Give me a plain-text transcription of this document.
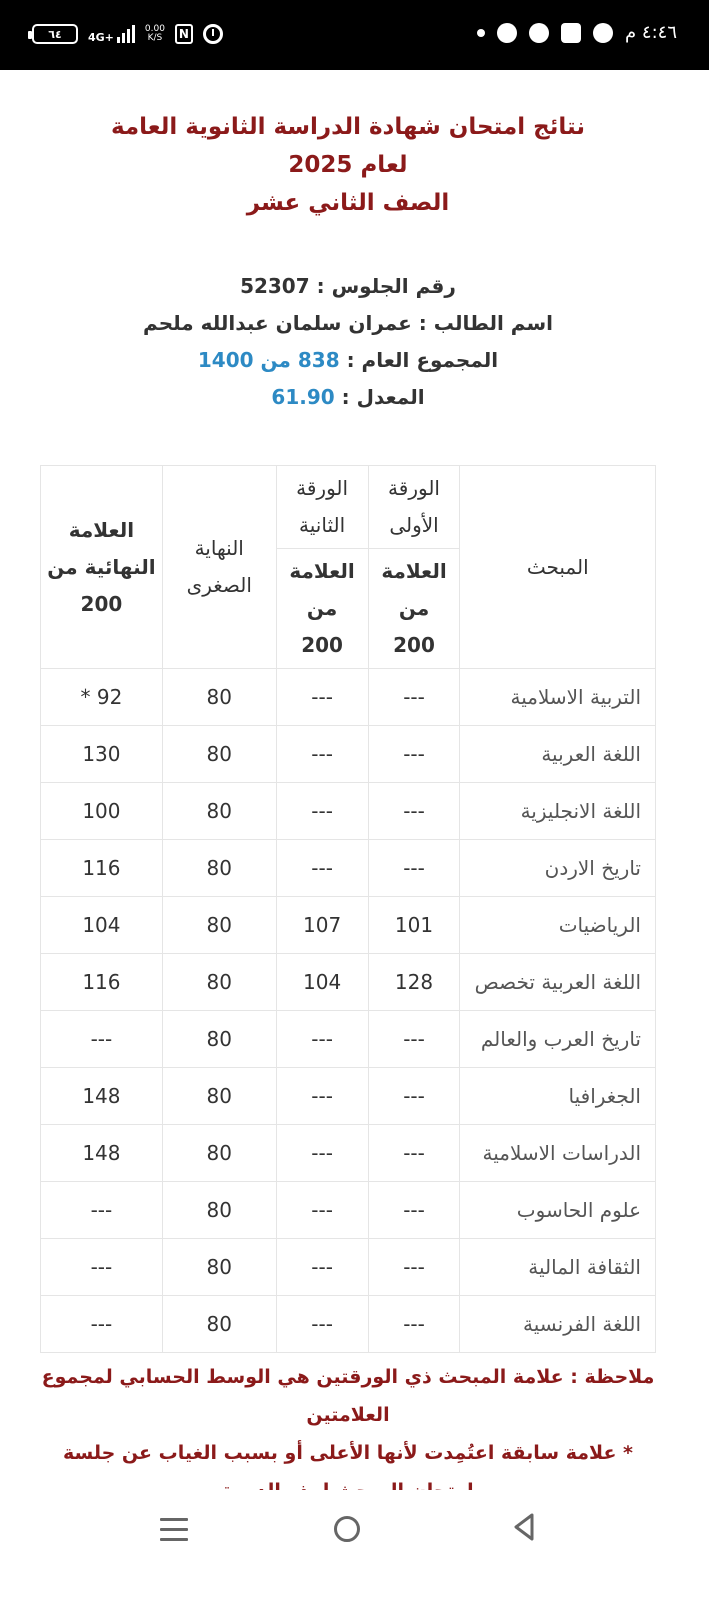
٦٤ 4G+
0.00
K/S	N	٤:٤٦ م

نتائج امتحان شهادة الدراسة الثانوية العامة

لعام 2025

الصف الثاني عشر

رقم الجلوس : 52307
اسم الطالب : عمران سلمان عبدالله ملحم
المجموع العام : 838 من 1400
المعدل : 61.90
المبحث	الورقة الأولى	الورقة الثانية	النهاية الصغرى	العلامة النهائية من 200
	العلامة من 200	العلامة من 200		
التربية الاسلامية	---	---	80	92 *
اللغة العربية	---	---	80	130
اللغة الانجليزية	---	---	80	100
تاريخ الاردن	---	---	80	116
الرياضيات	101	107	80	104
اللغة العربية تخصص	128	104	80	116
تاريخ العرب والعالم	---	---	80	---
الجغرافيا	---	---	80	148
الدراسات الاسلامية	---	---	80	148
علوم الحاسوب	---	---	80	---
الثقافة المالية	---	---	80	---
اللغة الفرنسية	---	---	80	---
ملاحظة : علامة المبحث ذي الورقتين هي الوسط الحسابي لمجموع العلامتين
* علامة سابقة اعتُمِدت لأنها الأعلى أو بسبب الغياب عن جلسة
